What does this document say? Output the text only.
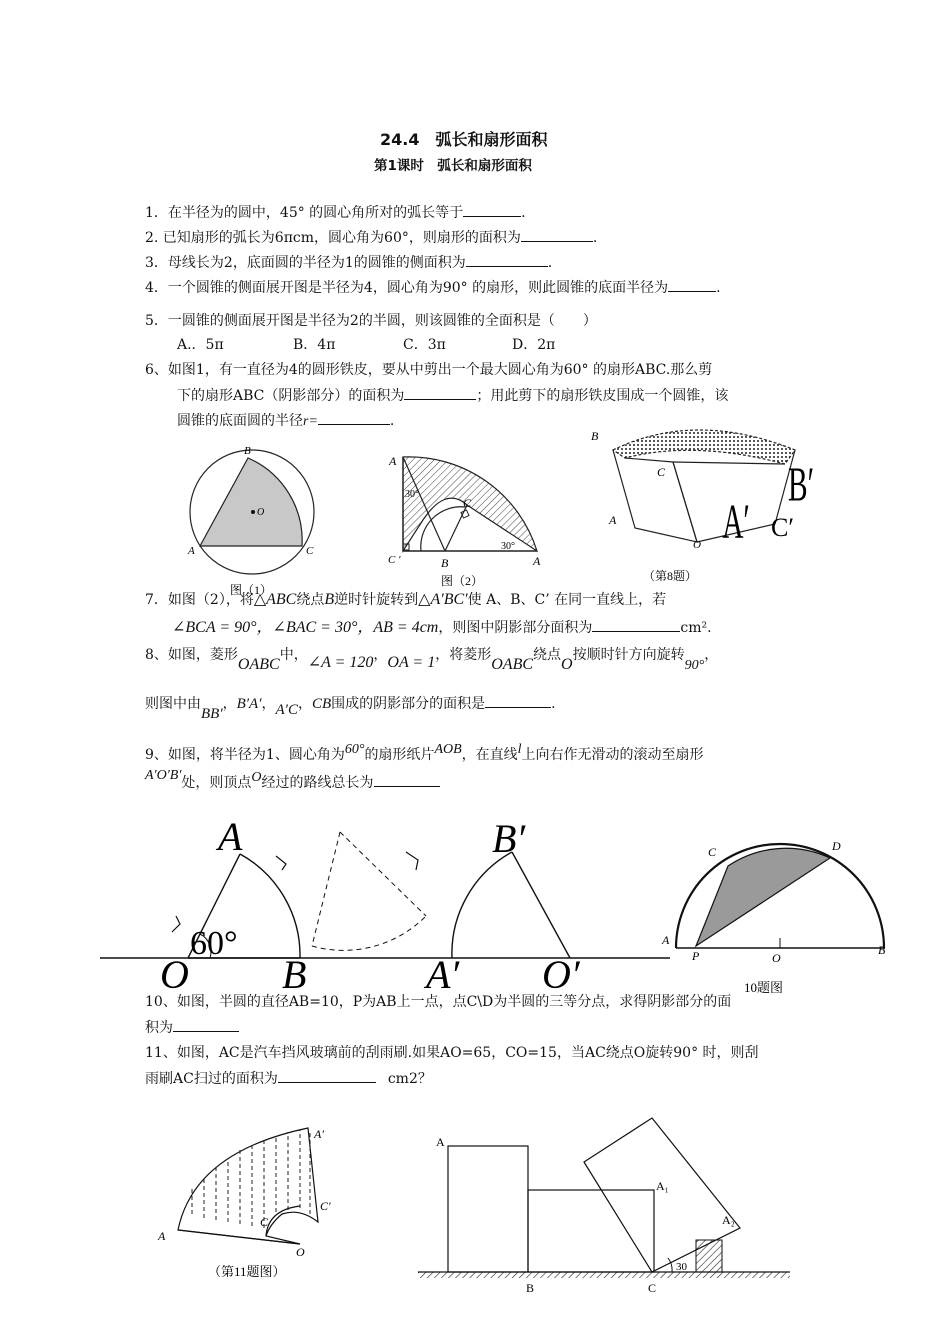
24.4　弧长和扇形面积
第1课时　弧长和扇形面积
1．在半径为的圆中，45° 的圆心角所对的弧长等于	.
2. 已知扇形的弧长为6πcm，圆心角为60°，则扇形的面积为	.
3．母线长为2，底面圆的半径为1的圆锥的侧面积为	.
4．一个圆锥的侧面展开图是半径为4，圆心角为90° 的扇形，则此圆锥的底面半径为	.
5．一圆锥的侧面展开图是半径为2的半圆，则该圆锥的全面积是（　　）
A.．5π	B．4π	C．3π	D．2π
6、如图1，有一直径为4的圆形铁皮，要从中剪出一个最大圆心角为60° 的扇形ABC.那么剪
下的扇形ABC（阴影部分）的面积为	；用此剪下的扇形铁皮围成一个圆锥，该
圆锥的底面圆的半径r=	.
B
O
A	C
图（1）
A
30°
C
C ′	B
30°
A
图（2）
B
C
A
O A′
B′
C′
（第8题）
7．如图（2），将△ABC绕点B逆时针旋转到△A′BC′使 A、B、C’ 在同一直线上，若
∠BCA = 90°，∠BAC = 30°，AB = 4cm，则图中阴影部分面积为	cm².
8、如图，菱形OABC中，∠A = 120，OA = 1，将菱形OABC绕点O按顺时针方向旋转90°，
则图中由BB′，B′A′，A′C，CB围成的阴影部分的面积是	.
9、如图，将半径为1、圆心角为60°的扇形纸片AOB，在直线l上向右作无滑动的滚动至扇形
A′O′B′处，则顶点O经过的路线总长为
A
60°
O B
B′
A′ O′
C	D
A
P	O
B
10题图
10、如图，半圆的直径AB=10，P为AB上一点，点C\D为半圆的三等分点，求得阴影部分的面
积为
11、如图，AC是汽车挡风玻璃前的刮雨刷.如果AO=65，CO=15，当AC绕点O旋转90° 时，则刮
雨刷AC扫过的面积为	cm2？
A′
C
C′
A
O
（第11题图）
A
A₁
A₂
B	C
30
